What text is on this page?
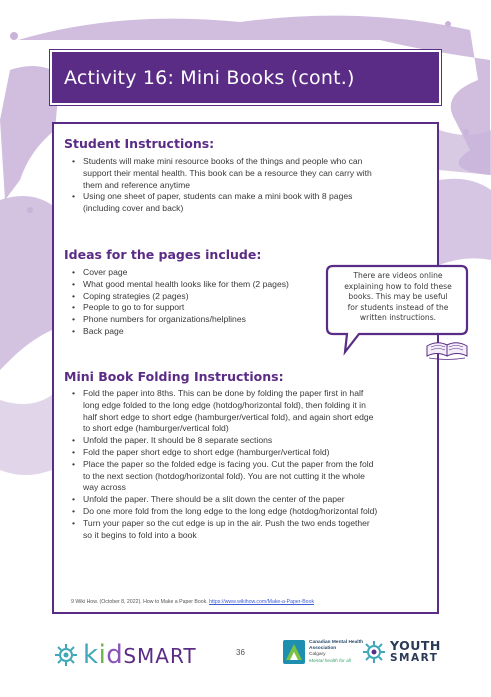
Activity 16: Mini Books (cont.)
Student Instructions:
• Students will make mini resource books of the things and people who can
support their mental health. This book can be a resource they can carry with
them and reference anytime
• Using one sheet of paper, students can make a mini book with 8 pages
(including cover and back)
Ideas for the pages include:
• Cover page
• What good mental health looks like for them (2 pages)
• Coping strategies (2 pages)
• People to go to for support
• Phone numbers for organizations/helplines
• Back page
There are videos online
explaining how to fold these
books. This may be useful
for students instead of the
written instructions.
Mini Book Folding Instructions:
• Fold the paper into 8ths. This can be done by folding the paper first in half
long edge folded to the long edge (hotdog/horizontal fold), then folding it in
half short edge to short edge (hamburger/vertical fold), and again short edge
to short edge (hamburger/vertical fold)
• Unfold the paper. It should be 8 separate sections
• Fold the paper short edge to short edge (hamburger/vertical fold)
• Place the paper so the folded edge is facing you. Cut the paper from the fold
to the next section (hotdog/horizontal fold). You are not cutting it the whole
way across
• Unfold the paper. There should be a slit down the center of the paper
• Do one more fold from the long edge to the long edge (hotdog/horizontal fold)
• Turn your paper so the cut edge is up in the air. Push the two ends together
so it begins to fold into a book
9 Wiki How. (October 8, 2022). How to Make a Paper Book. https://www.wikihow.com/Make-a-Paper-Book
kidSMART	36
Canadian Mental Health Association
Calgary
Mental health for all
YOUTH
SMART
